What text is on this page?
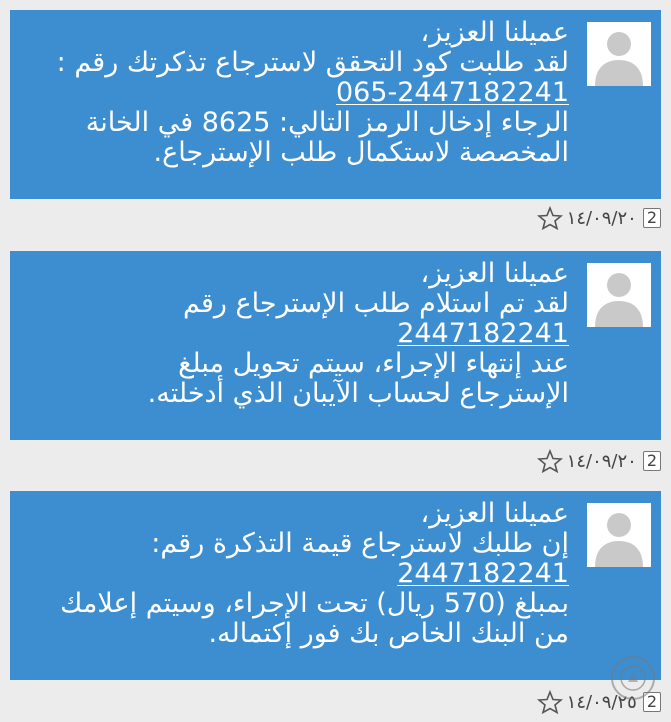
عميلنا العزيز،
لقد طلبت كود التحقق لاسترجاع تذكرتك رقم :
065-2447182241
الرجاء إدخال الرمز التالي: 8625 في الخانة
المخصصة لاستكمال طلب الإسترجاع.
١٤/٠٩/٢٠ 2
عميلنا العزيز،
لقد تم استلام طلب الإسترجاع رقم
2447182241
عند إنتهاء الإجراء، سيتم تحويل مبلغ
الإسترجاع لحساب الآيبان الذي أدخلته.
١٤/٠٩/٢٠ 2
عميلنا العزيز،
إن طلبك لاسترجاع قيمة التذكرة رقم:
2447182241
بمبلغ (570 ريال) تحت الإجراء، وسيتم إعلامك
من البنك الخاص بك فور إكتماله.
١٤/٠٩/٢٥ 2
